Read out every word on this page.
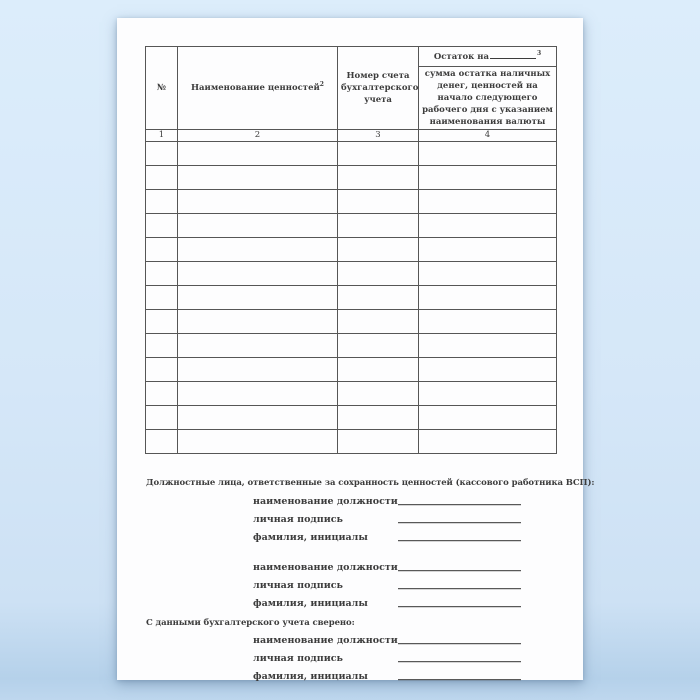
№	Наименование ценностей$^2$	Номер счета бухгалтерского учета	Остаток на $^3$
			сумма остатка наличных денег, ценностей на начало следующего рабочего дня с указанием наименования валюты
1	2	3	4

Должностные лица, ответственные за сохранность ценностей (кассового работника ВСП):
наименование должности
личная подпись
фамилия, инициалы
наименование должности
личная подпись
фамилия, инициалы
С данными бухгалтерского учета сверено:
наименование должности
личная подпись
фамилия, инициалы
